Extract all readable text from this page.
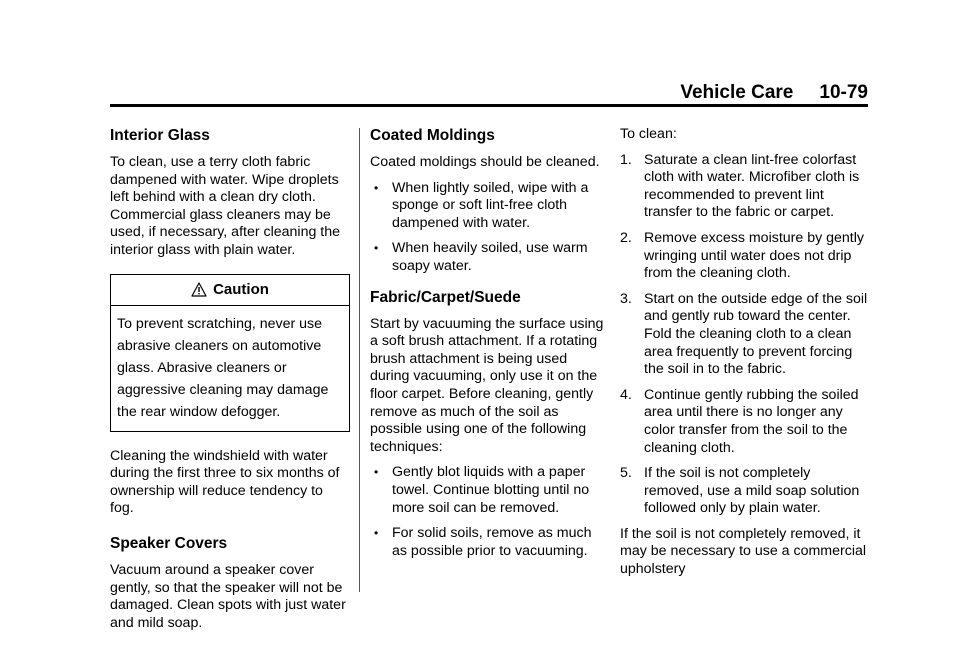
Vehicle Care 10-79
Interior Glass

To clean, use a terry cloth fabric dampened with water. Wipe droplets left behind with a clean dry cloth. Commercial glass cleaners may be used, if necessary, after cleaning the interior glass with plain water.

Caution
To prevent scratching, never use abrasive cleaners on automotive glass. Abrasive cleaners or aggressive cleaning may damage the rear window defogger.

Cleaning the windshield with water during the first three to six months of ownership will reduce tendency to fog.

Speaker Covers

Vacuum around a speaker cover gently, so that the speaker will not be damaged. Clean spots with just water and mild soap.

Coated Moldings

Coated moldings should be cleaned.

• When lightly soiled, wipe with a sponge or soft lint-free cloth dampened with water.
• When heavily soiled, use warm soapy water.
Fabric/Carpet/Suede

Start by vacuuming the surface using a soft brush attachment. If a rotating brush attachment is being used during vacuuming, only use it on the floor carpet. Before cleaning, gently remove as much of the soil as possible using one of the following techniques:

• Gently blot liquids with a paper towel. Continue blotting until no more soil can be removed.
• For solid soils, remove as much as possible prior to vacuuming.

To clean:

1. Saturate a clean lint-free colorfast cloth with water. Microfiber cloth is recommended to prevent lint transfer to the fabric or carpet.
2. Remove excess moisture by gently wringing until water does not drip from the cleaning cloth.
3. Start on the outside edge of the soil and gently rub toward the center. Fold the cleaning cloth to a clean area frequently to prevent forcing the soil in to the fabric.
4. Continue gently rubbing the soiled area until there is no longer any color transfer from the soil to the cleaning cloth.
5. If the soil is not completely removed, use a mild soap solution followed only by plain water.

If the soil is not completely removed, it may be necessary to use a commercial upholstery
